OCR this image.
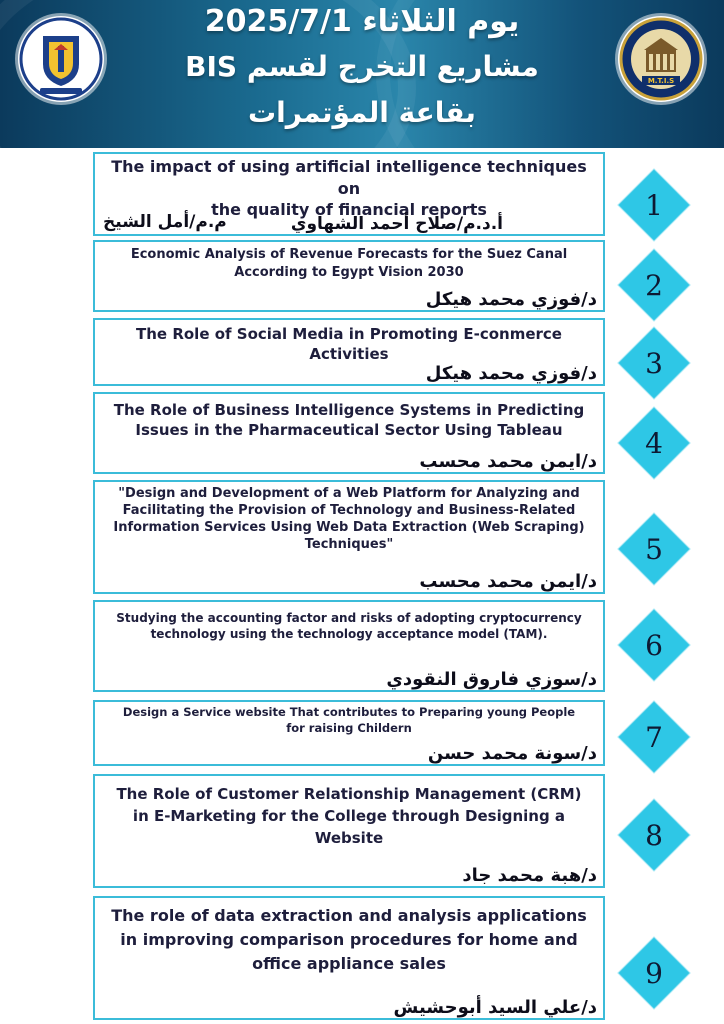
M.T.I.S
يوم الثلاثاء 2025/7/1
مشاريع التخرج لقسم BIS
بقاعة المؤتمرات
The impact of using artificial intelligence techniques on
the quality of financial reports
أ.د.م/صلاح أحمد الشهاوي
م.م/أمل الشيخ	1
Economic Analysis of Revenue Forecasts for the Suez Canal
According to Egypt Vision 2030
د/فوزي محمد هيكل	2
The Role of Social Media in Promoting E-conmerce Activities
د/فوزي محمد هيكل	3
The Role of Business Intelligence Systems in Predicting
Issues in the Pharmaceutical Sector Using Tableau
د/ايمن محمد محسب
4
"Design and Development of a Web Platform for Analyzing and
Facilitating the Provision of Technology and Business-Related
Information Services Using Web Data Extraction (Web Scraping)
Techniques"
د/ايمن محمد محسب
5
Studying the accounting factor and risks of adopting cryptocurrency
technology using the technology acceptance model (TAM).
د/سوزي فاروق النقودي
6
Design a Service website That contributes to Preparing young People
for raising Childern
د/سونة محمد حسن	7
The Role of Customer Relationship Management (CRM)
in E-Marketing for the College through Designing a
Website
د/هبة محمد جاد
8
The role of data extraction and analysis applications
in improving comparison procedures for home and
office appliance sales
د/علي السيد أبوحشيش
9
